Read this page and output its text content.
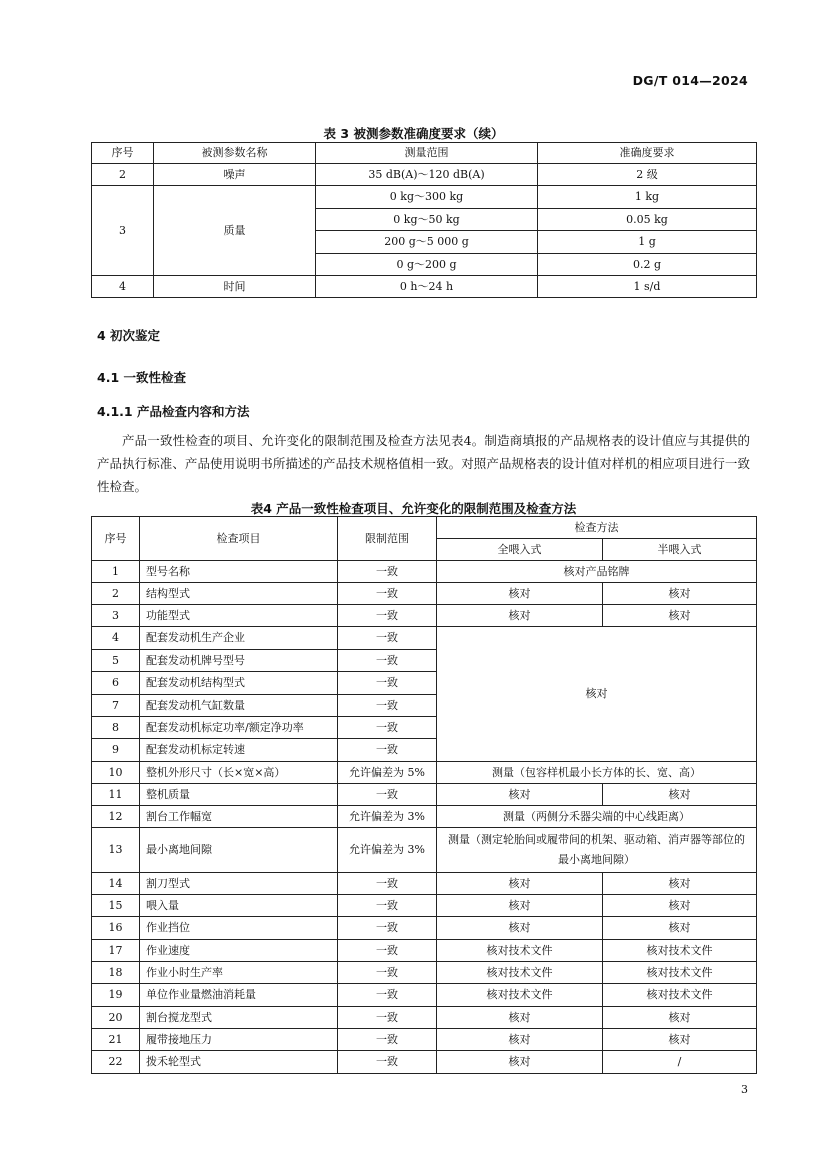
DG/T 014—2024
表 3 被测参数准确度要求（续）
序号	被测参数名称	测量范围	准确度要求
2	噪声	35 dB(A)～120 dB(A)	2 级
3	质量	0 kg～300 kg	1 kg
		0 kg～50 kg	0.05 kg
		200 g～5 000 g	1 g
		0 g～200 g	0.2 g
4	时间	0 h～24 h	1 s/d
4 初次鉴定
4.1 一致性检查
4.1.1 产品检查内容和方法
产品一致性检查的项目、允许变化的限制范围及检查方法见表4。制造商填报的产品规格表的设计值应与其提供的产品执行标准、产品使用说明书所描述的产品技术规格值相一致。对照产品规格表的设计值对样机的相应项目进行一致性检查。
表4 产品一致性检查项目、允许变化的限制范围及检查方法
序号	检查项目	限制范围	检查方法	
			全喂入式	半喂入式
1	型号名称	一致	核对产品铭牌	
2	结构型式	一致	核对	核对
3	功能型式	一致	核对	核对
4	配套发动机生产企业	一致	核对	
5	配套发动机牌号型号	一致		
6	配套发动机结构型式	一致		
7	配套发动机气缸数量	一致		
8	配套发动机标定功率/额定净功率	一致		
9	配套发动机标定转速	一致		
10	整机外形尺寸（长×宽×高）	允许偏差为 5%	测量（包容样机最小长方体的长、宽、高）	
11	整机质量	一致	核对	核对
12	割台工作幅宽	允许偏差为 3%	测量（两侧分禾器尖端的中心线距离）	
13	最小离地间隙	允许偏差为 3%	测量（测定轮胎间或履带间的机架、驱动箱、消声器等部位的最小离地间隙）	
14	割刀型式	一致	核对	核对
15	喂入量	一致	核对	核对
16	作业挡位	一致	核对	核对
17	作业速度	一致	核对技术文件	核对技术文件
18	作业小时生产率	一致	核对技术文件	核对技术文件
19	单位作业量燃油消耗量	一致	核对技术文件	核对技术文件
20	割台搅龙型式	一致	核对	核对
21	履带接地压力	一致	核对	核对
22	拨禾轮型式	一致	核对	/
3
